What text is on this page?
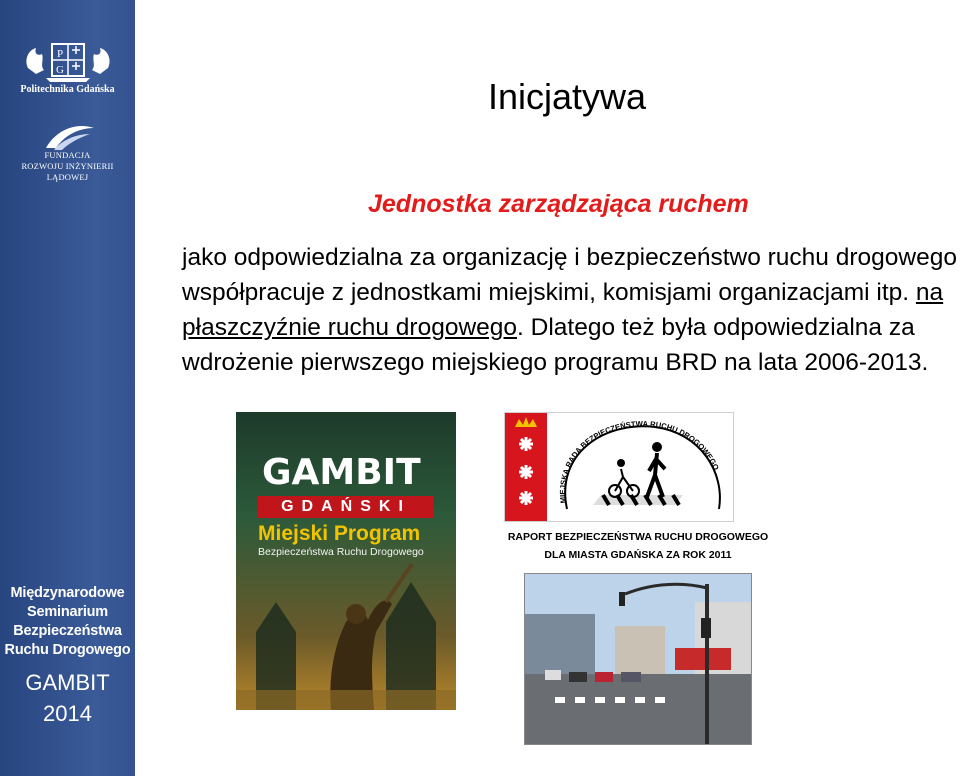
P
G
Politechnika Gdańska
FUNDACJA
ROZWOJU INŻYNIERII LĄDOWEJ
Międzynarodowe
Seminarium
Bezpieczeństwa
Ruchu Drogowego
GAMBIT
2014
Inicjatywa
Jednostka zarządzająca ruchem

jako odpowiedzialna za organizację i bezpieczeństwo ruchu drogowego współpracuje z jednostkami miejskimi, komisjami organizacjami itp. na płaszczyźnie ruchu drogowego. Dlatego też była odpowiedzialna za wdrożenie pierwszego miejskiego programu BRD na lata 2006-2013.

GAMBIT
GDAŃSKI
Miejski Program
Bezpieczeństwa Ruchu Drogowego
MIEJSKA RADA BEZPIECZEŃSTWA RUCHU DROGOWEGO
RAPORT BEZPIECZEŃSTWA RUCHU DROGOWEGO
DLA MIASTA GDAŃSKA ZA ROK 2011
